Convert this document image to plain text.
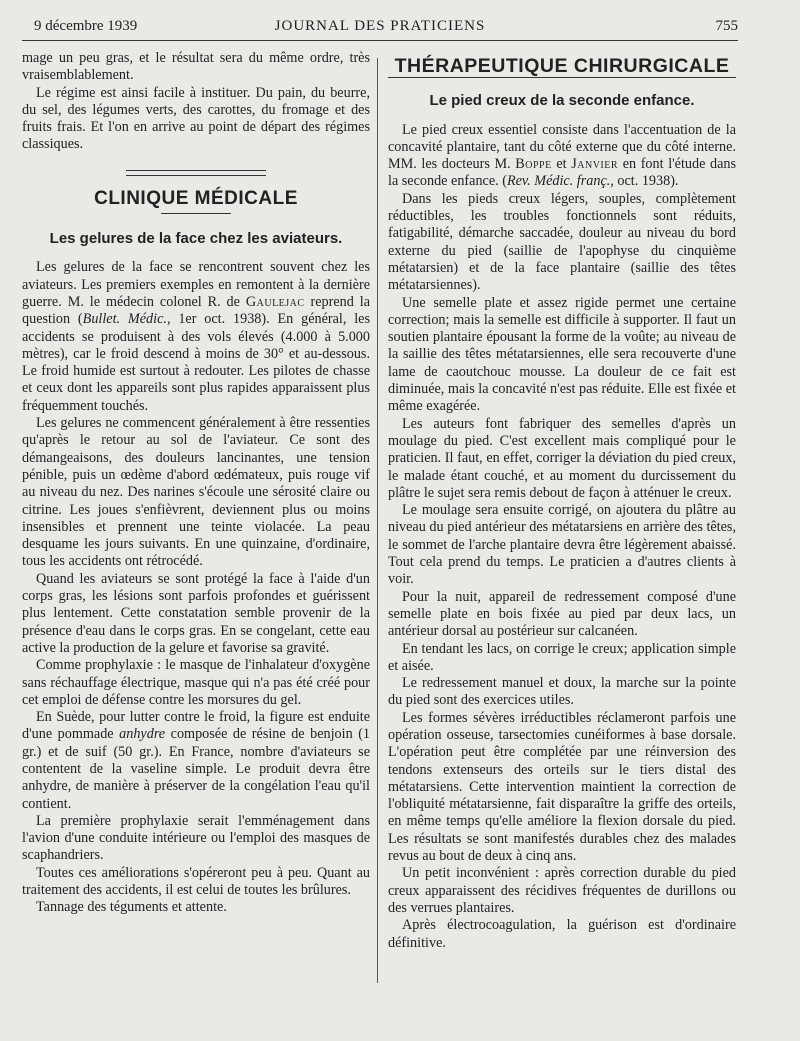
9 décembre 1939	JOURNAL DES PRATICIENS	755

mage un peu gras, et le résultat sera du même ordre, très vraisemblablement.

Le régime est ainsi facile à instituer. Du pain, du beurre, du sel, des légumes verts, des carottes, du fromage et des fruits frais. Et l'on en arrive au point de départ des régimes classiques.

CLINIQUE MÉDICALE
Les gelures de la face chez les aviateurs.

Les gelures de la face se rencontrent souvent chez les aviateurs. Les premiers exemples en remontent à la dernière guerre. M. le médecin colonel R. de Gaulejac reprend la question (Bullet. Médic., 1er oct. 1938). En général, les accidents se produisent à des vols élevés (4.000 à 5.000 mètres), car le froid descend à moins de 30° et au-dessous. Le froid humide est surtout à redouter. Les pilotes de chasse et ceux dont les appareils sont plus rapides apparaissent plus fréquemment touchés.

Les gelures ne commencent généralement à être ressenties qu'après le retour au sol de l'aviateur. Ce sont des démangeaisons, des douleurs lancinantes, une tension pénible, puis un œdème d'abord œdémateux, puis rouge vif au niveau du nez. Des narines s'écoule une sérosité claire ou citrine. Les joues s'enfièvrent, deviennent plus ou moins insensibles et prennent une teinte violacée. La peau desquame les jours suivants. En une quinzaine, d'ordinaire, tous les accidents ont rétrocédé.

Quand les aviateurs se sont protégé la face à l'aide d'un corps gras, les lésions sont parfois profondes et guérissent plus lentement. Cette constatation semble provenir de la présence d'eau dans le corps gras. En se congelant, cette eau active la production de la gelure et favorise sa gravité.

Comme prophylaxie : le masque de l'inhalateur d'oxygène sans réchauffage électrique, masque qui n'a pas été créé pour cet emploi de défense contre les morsures du gel.

En Suède, pour lutter contre le froid, la figure est enduite d'une pommade anhydre composée de résine de benjoin (1 gr.) et de suif (50 gr.). En France, nombre d'aviateurs se contentent de la vaseline simple. Le produit devra être anhydre, de manière à préserver de la congélation l'eau qu'il contient.

La première prophylaxie serait l'emménagement dans l'avion d'une conduite intérieure ou l'emploi des masques de scaphandriers.

Toutes ces améliorations s'opéreront peu à peu. Quant au traitement des accidents, il est celui de toutes les brûlures.

Tannage des téguments et attente.

THÉRAPEUTIQUE CHIRURGICALE
Le pied creux de la seconde enfance.

Le pied creux essentiel consiste dans l'accentuation de la concavité plantaire, tant du côté externe que du côté interne. MM. les docteurs M. Boppe et Janvier en font l'étude dans la seconde enfance. (Rev. Médic. franç., oct. 1938).

Dans les pieds creux légers, souples, complètement réductibles, les troubles fonctionnels sont réduits, fatigabilité, démarche saccadée, douleur au niveau du bord externe du pied (saillie de l'apophyse du cinquième métatarsien) et de la face plantaire (saillie des têtes métatarsiennes).

Une semelle plate et assez rigide permet une certaine correction; mais la semelle est difficile à supporter. Il faut un soutien plantaire épousant la forme de la voûte; au niveau de la saillie des têtes métatarsiennes, elle sera recouverte d'une lame de caoutchouc mousse. La douleur de ce fait est diminuée, mais la concavité n'est pas réduite. Elle est fixée et même exagérée.

Les auteurs font fabriquer des semelles d'après un moulage du pied. C'est excellent mais compliqué pour le praticien. Il faut, en effet, corriger la déviation du pied creux, le malade étant couché, et au moment du durcissement du plâtre le sujet sera remis debout de façon à atténuer le creux.

Le moulage sera ensuite corrigé, on ajoutera du plâtre au niveau du pied antérieur des métatarsiens en arrière des têtes, le sommet de l'arche plantaire devra être légèrement abaissé. Tout cela prend du temps. Le praticien a d'autres clients à voir.

Pour la nuit, appareil de redressement composé d'une semelle plate en bois fixée au pied par deux lacs, un antérieur dorsal au postérieur sur calcanéen.

En tendant les lacs, on corrige le creux; application simple et aisée.

Le redressement manuel et doux, la marche sur la pointe du pied sont des exercices utiles.

Les formes sévères irréductibles réclameront parfois une opération osseuse, tarsectomies cunéiformes à base dorsale. L'opération peut être complétée par une réinversion des tendons extenseurs des orteils sur le tiers distal des métatarsiens. Cette intervention maintient la correction de l'obliquité métatarsienne, fait disparaître la griffe des orteils, en même temps qu'elle améliore la flexion dorsale du pied. Les résultats se sont manifestés durables chez des malades revus au bout de deux à cinq ans.

Un petit inconvénient : après correction durable du pied creux apparaissent des récidives fréquentes de durillons ou des verrues plantaires.

Après électrocoagulation, la guérison est d'ordinaire définitive.
